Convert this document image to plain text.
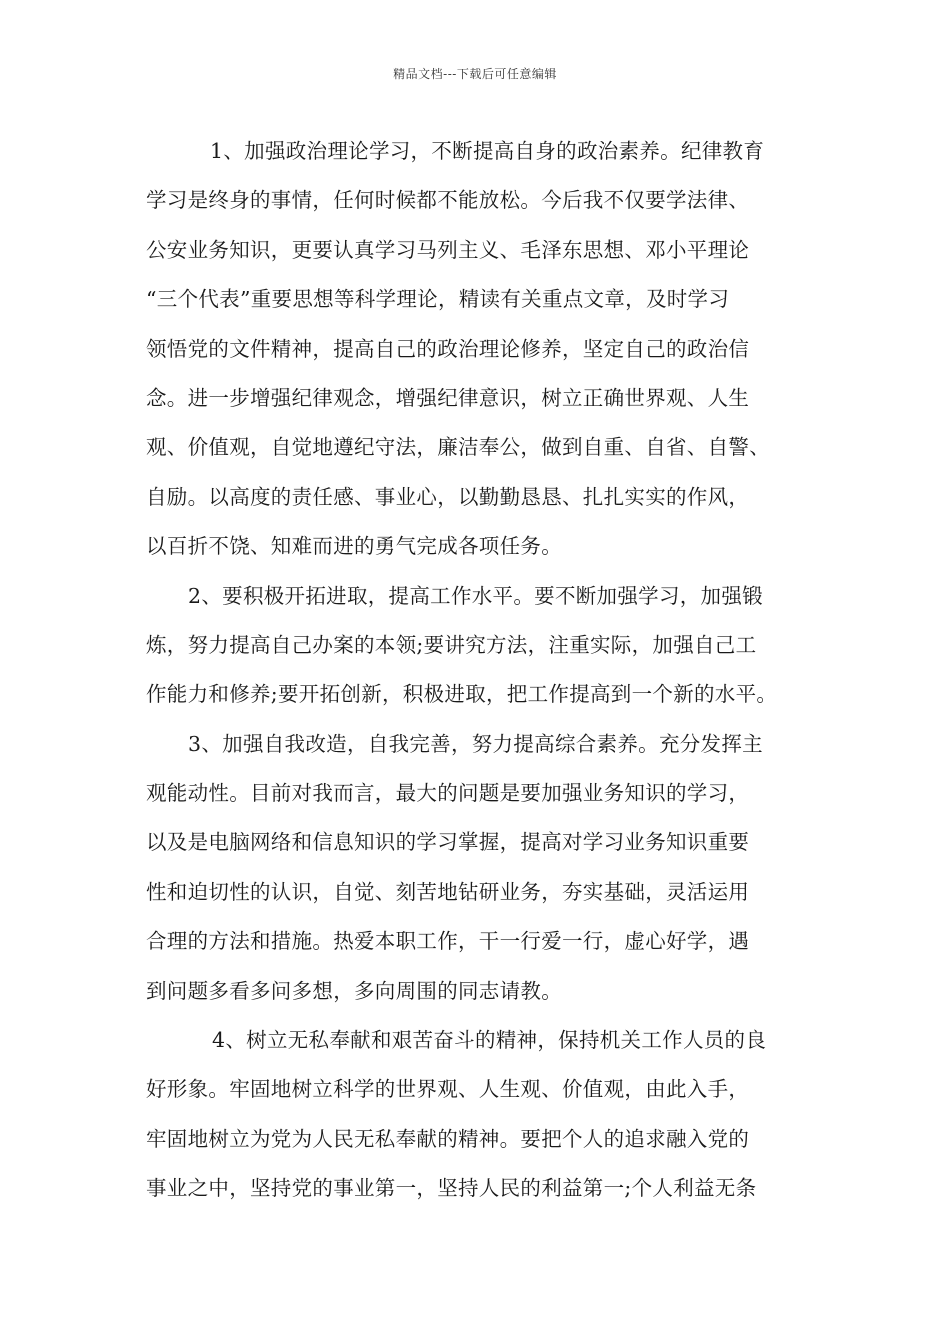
精品文档---下载后可任意编辑
1、加强政治理论学习，不断提高自身的政治素养。纪律教育
学习是终身的事情，任何时候都不能放松。今后我不仅要学法律、
公安业务知识，更要认真学习马列主义、毛泽东思想、邓小平理论
“三个代表”重要思想等科学理论，精读有关重点文章，及时学习
领悟党的文件精神，提高自己的政治理论修养，坚定自己的政治信
念。进一步增强纪律观念，增强纪律意识，树立正确世界观、人生
观、价值观，自觉地遵纪守法，廉洁奉公，做到自重、自省、自警、
自励。以高度的责任感、事业心，以勤勤恳恳、扎扎实实的作风，
以百折不饶、知难而进的勇气完成各项任务。
2、要积极开拓进取，提高工作水平。要不断加强学习，加强锻
炼，努力提高自己办案的本领;要讲究方法，注重实际，加强自己工
作能力和修养;要开拓创新，积极进取，把工作提高到一个新的水平。
3、加强自我改造，自我完善，努力提高综合素养。充分发挥主
观能动性。目前对我而言，最大的问题是要加强业务知识的学习，
以及是电脑网络和信息知识的学习掌握，提高对学习业务知识重要
性和迫切性的认识，自觉、刻苦地钻研业务，夯实基础，灵活运用
合理的方法和措施。热爱本职工作，干一行爱一行，虚心好学，遇
到问题多看多问多想，多向周围的同志请教。
4、树立无私奉献和艰苦奋斗的精神，保持机关工作人员的良
好形象。牢固地树立科学的世界观、人生观、价值观，由此入手，
牢固地树立为党为人民无私奉献的精神。要把个人的追求融入党的
事业之中，坚持党的事业第一，坚持人民的利益第一;个人利益无条
